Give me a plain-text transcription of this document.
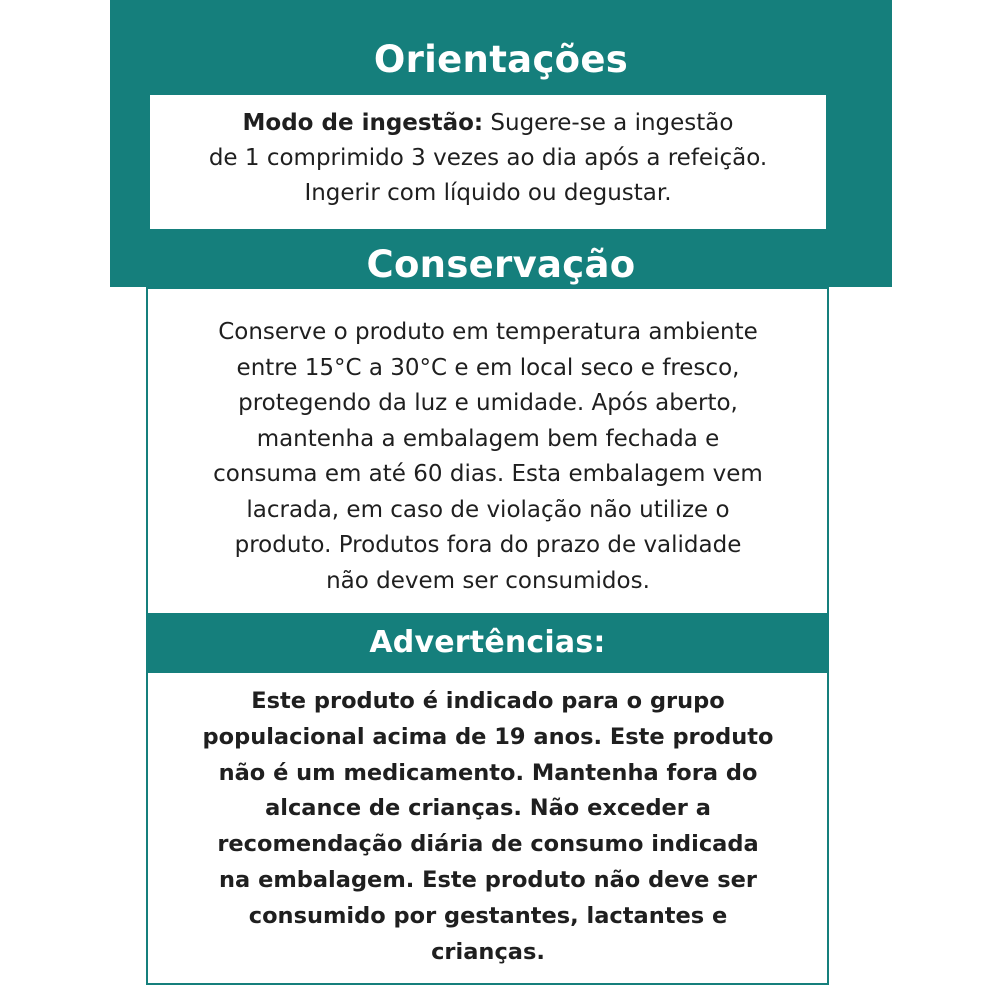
Orientações
Conservação
Modo de ingestão: Sugere-se a ingestão
de 1 comprimido 3 vezes ao dia após a refeição.
Ingerir com líquido ou degustar.
Conserve o produto em temperatura ambiente
entre 15°C a 30°C e em local seco e fresco,
protegendo da luz e umidade. Após aberto,
mantenha a embalagem bem fechada e
consuma em até 60 dias. Esta embalagem vem
lacrada, em caso de violação não utilize o
produto. Produtos fora do prazo de validade
não devem ser consumidos.
Advertências:
Este produto é indicado para o grupo
populacional acima de 19 anos. Este produto
não é um medicamento. Mantenha fora do
alcance de crianças. Não exceder a
recomendação diária de consumo indicada
na embalagem. Este produto não deve ser
consumido por gestantes, lactantes e
crianças.
